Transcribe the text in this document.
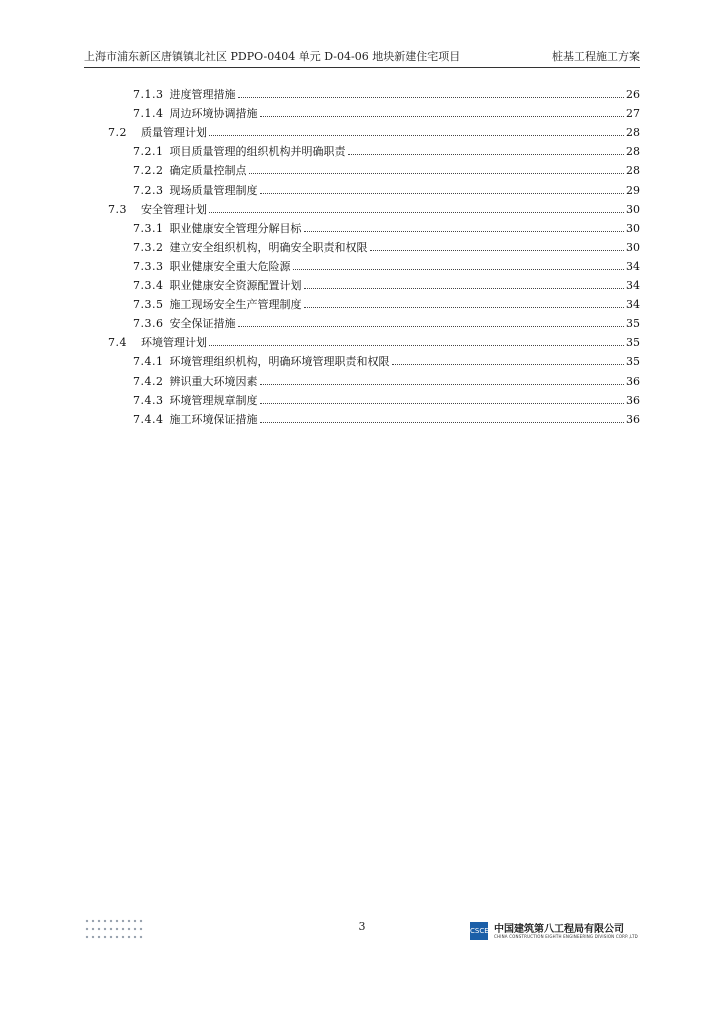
上海市浦东新区唐镇镇北社区 PDPO-0404 单元 D-04-06 地块新建住宅项目	桩基工程施工方案
7.1.3 进度管理措施	26
7.1.4 周边环境协调措施	27
7.2 质量管理计划	28
7.2.1 项目质量管理的组织机构并明确职责	28
7.2.2 确定质量控制点	28
7.2.3 现场质量管理制度	29
7.3 安全管理计划	30
7.3.1 职业健康安全管理分解目标	30
7.3.2 建立安全组织机构，明确安全职责和权限	30
7.3.3 职业健康安全重大危险源	34
7.3.4 职业健康安全资源配置计划	34
7.3.5 施工现场安全生产管理制度	34
7.3.6 安全保证措施	35
7.4 环境管理计划	35
7.4.1 环境管理组织机构，明确环境管理职责和权限	35
7.4.2 辨识重大环境因素	36
7.4.3 环境管理规章制度	36
7.4.4 施工环境保证措施	36
3	CSCEC 中国建筑第八工程局有限公司
CHINA CONSTRUCTION EIGHTH ENGINEERING DIVISION CORP.,LTD
